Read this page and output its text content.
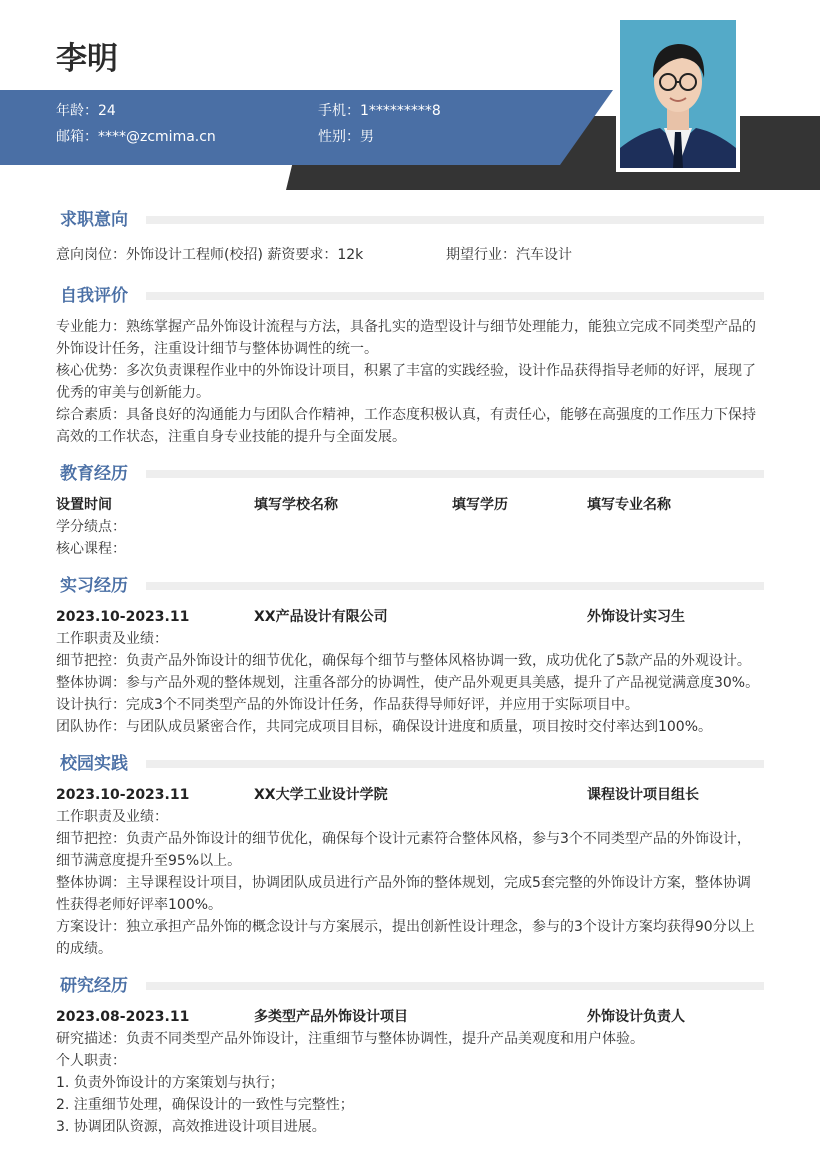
李明
年龄：24	手机：1*********8
邮箱：****@zcmima.cn	性别：男
求职意向
意向岗位：外饰设计工程师(校招) 薪资要求：12k	期望行业：汽车设计
自我评价
专业能力：熟练掌握产品外饰设计流程与方法，具备扎实的造型设计与细节处理能力，能独立完成不同类型产品的外饰设计任务，注重设计细节与整体协调性的统一。
核心优势：多次负责课程作业中的外饰设计项目，积累了丰富的实践经验，设计作品获得指导老师的好评，展现了优秀的审美与创新能力。
综合素质：具备良好的沟通能力与团队合作精神，工作态度积极认真，有责任心，能够在高强度的工作压力下保持高效的工作状态，注重自身专业技能的提升与全面发展。
教育经历
设置时间	填写学校名称	填写学历	填写专业名称
学分绩点：
核心课程：
实习经历
2023.10-2023.11	XX产品设计有限公司	外饰设计实习生
工作职责及业绩：
细节把控：负责产品外饰设计的细节优化，确保每个细节与整体风格协调一致，成功优化了5款产品的外观设计。
整体协调：参与产品外观的整体规划，注重各部分的协调性，使产品外观更具美感，提升了产品视觉满意度30%。
设计执行：完成3个不同类型产品的外饰设计任务，作品获得导师好评，并应用于实际项目中。
团队协作：与团队成员紧密合作，共同完成项目目标，确保设计进度和质量，项目按时交付率达到100%。
校园实践
2023.10-2023.11	XX大学工业设计学院	课程设计项目组长
工作职责及业绩：
细节把控：负责产品外饰设计的细节优化，确保每个设计元素符合整体风格，参与3个不同类型产品的外饰设计，细节满意度提升至95%以上。
整体协调：主导课程设计项目，协调团队成员进行产品外饰的整体规划，完成5套完整的外饰设计方案，整体协调性获得老师好评率100%。
方案设计：独立承担产品外饰的概念设计与方案展示，提出创新性设计理念，参与的3个设计方案均获得90分以上的成绩。
研究经历
2023.08-2023.11	多类型产品外饰设计项目	外饰设计负责人
研究描述：负责不同类型产品外饰设计，注重细节与整体协调性，提升产品美观度和用户体验。
个人职责：
1. 负责外饰设计的方案策划与执行；
2. 注重细节处理，确保设计的一致性与完整性；
3. 协调团队资源，高效推进设计项目进展。
